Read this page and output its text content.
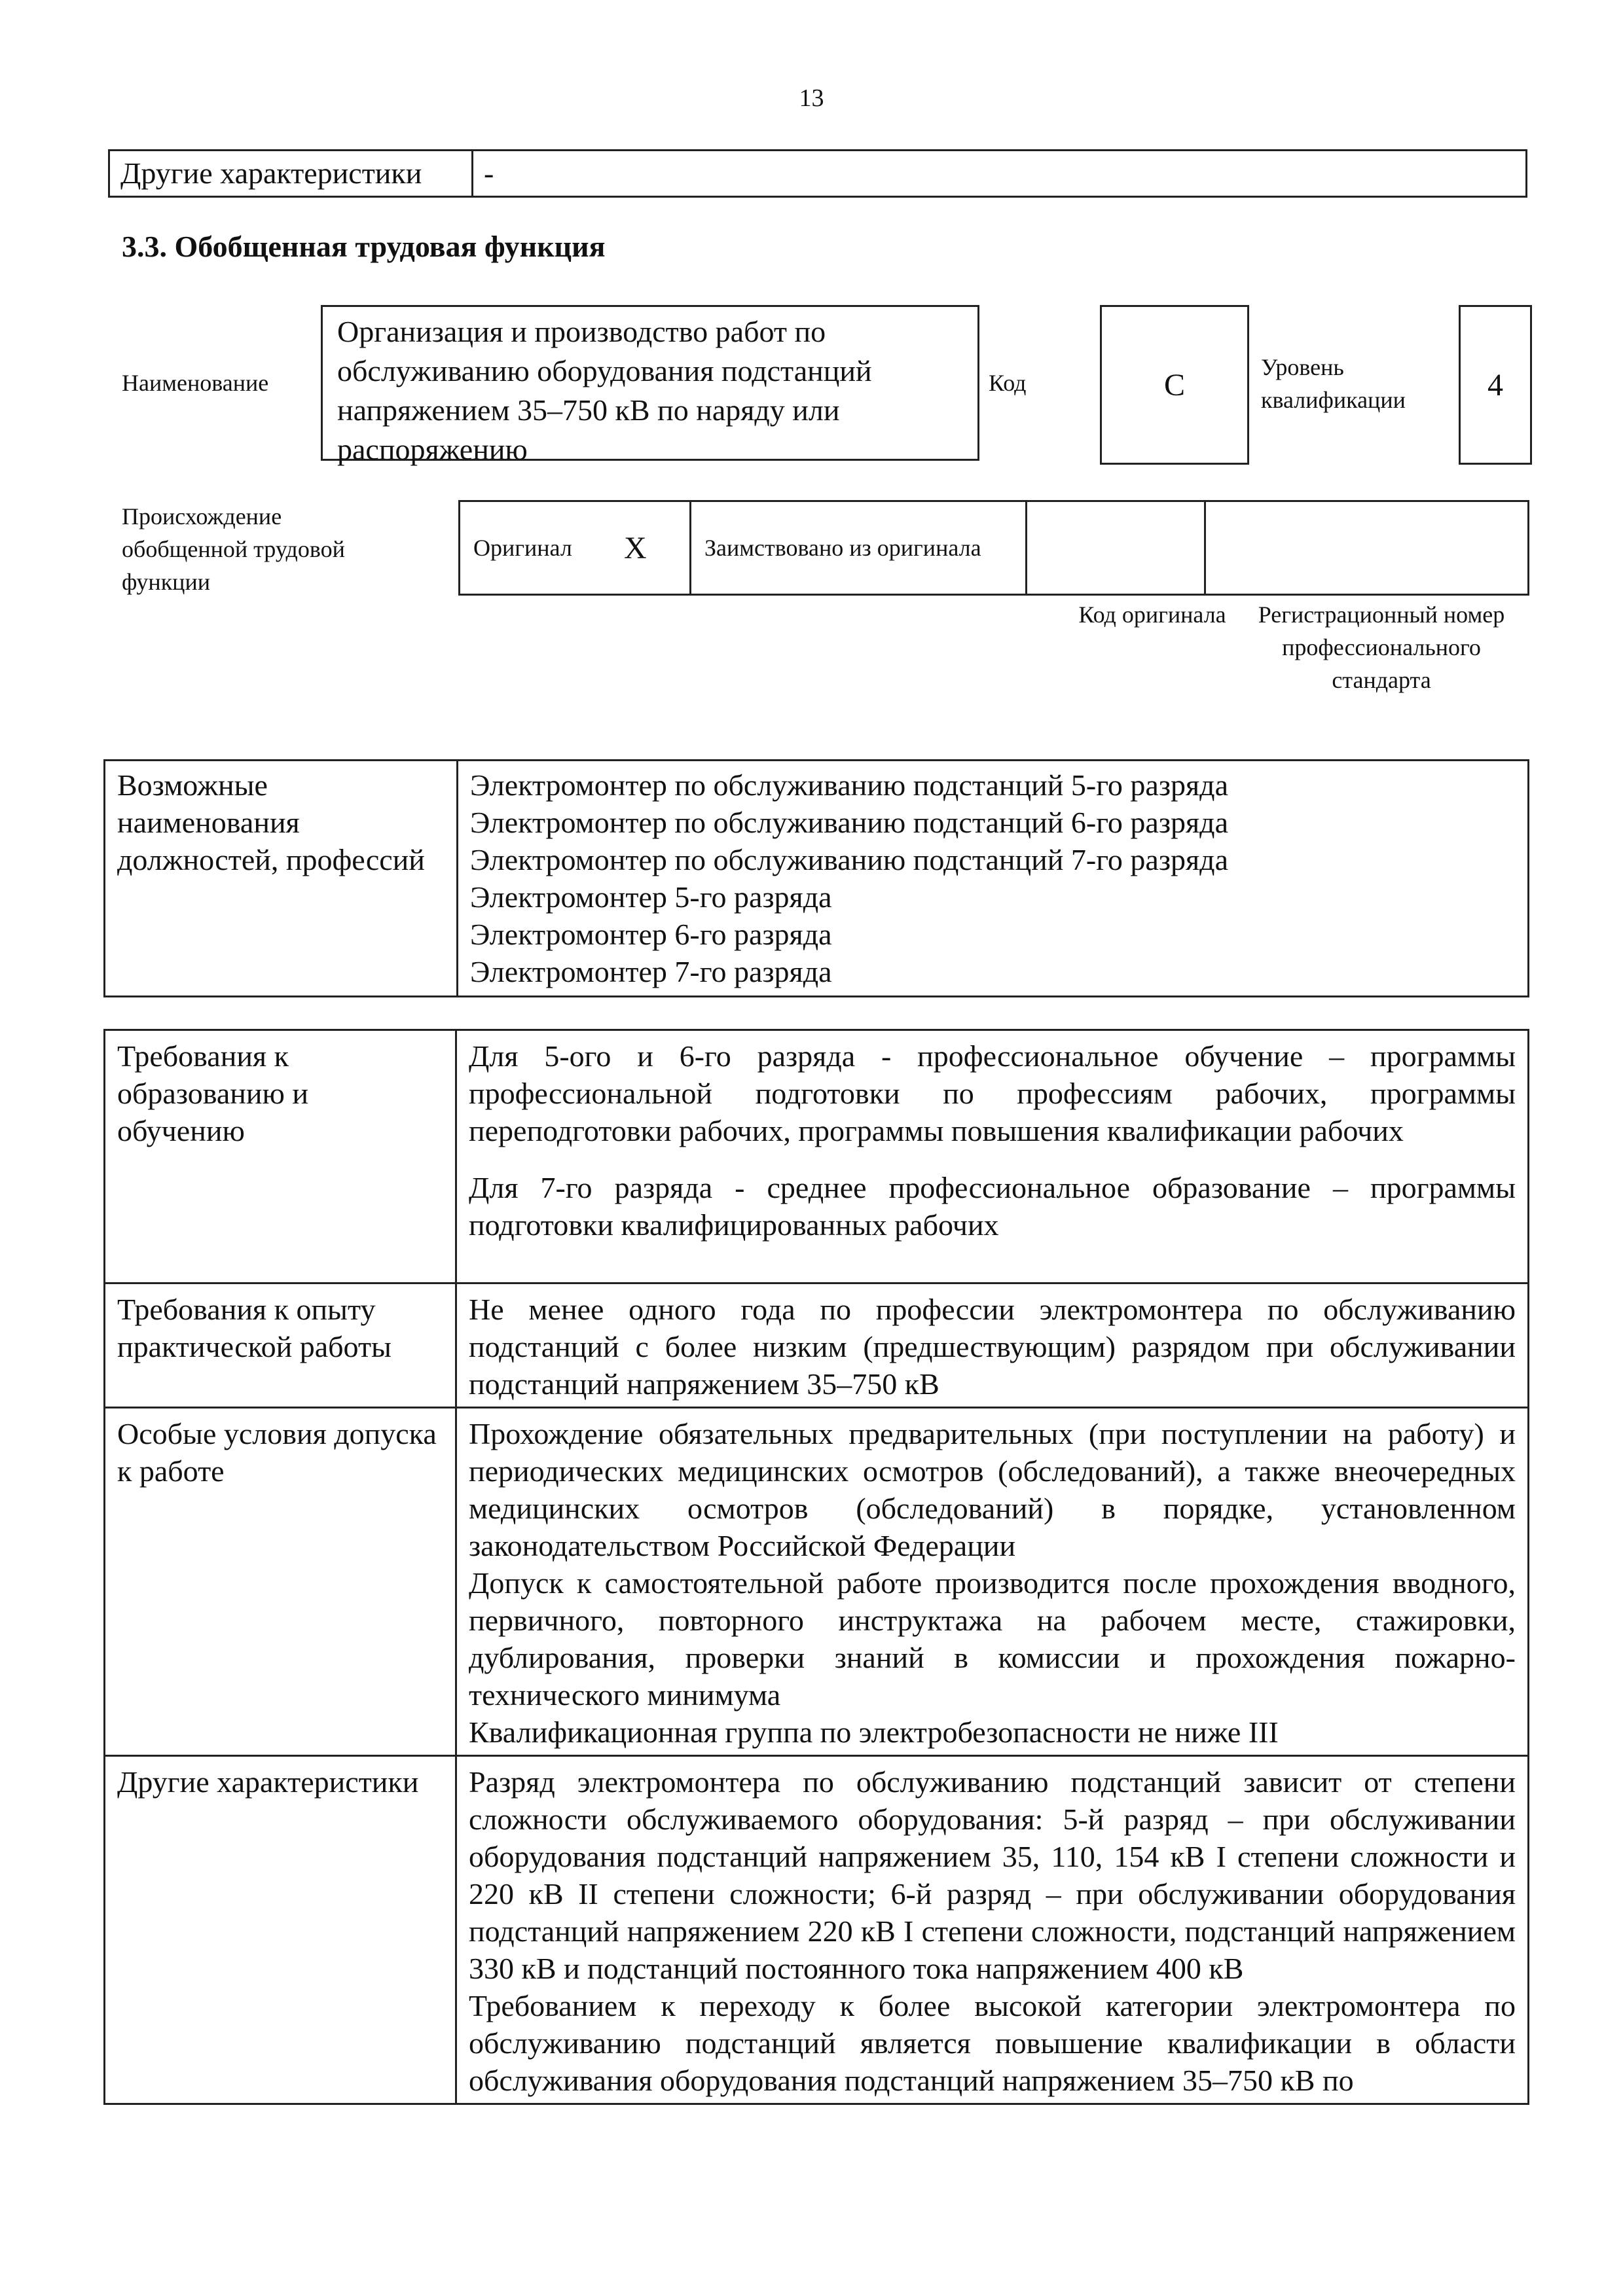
13
Другие характеристики	-
3.3. Обобщенная трудовая функция
Наименование
Организация и производство работ по обслуживанию оборудования подстанций напряжением 35–750 кВ по наряду или распоряжению
Код	С
Уровень квалификации	4
Происхождение обобщенной трудовой функции
Оригинал	Х	Заимствовано из оригинала		
Код оригинала	Регистрационный номер профессионального стандарта
Возможные наименования должностей, профессий	
Электромонтер по обслуживанию подстанций 5-го разряда
Электромонтер по обслуживанию подстанций 6-го разряда
Электромонтер по обслуживанию подстанций 7-го разряда
Электромонтер 5-го разряда
Электромонтер 6-го разряда
Электромонтер 7-го разряда
Требования к образованию и обучению	Для 5-ого и 6-го разряда - профессиональное обучение – программы профессиональной подготовки по профессиям рабочих, программы переподготовки рабочих, программы повышения квалификации рабочих

Для 7-го разряда - среднее профессиональное образование – программы подготовки квалифицированных рабочих

Требования к опыту практической работы	Не менее одного года по профессии электромонтера по обслуживанию подстанций с более низким (предшествующим) разрядом при обслуживании подстанций напряжением 35–750 кВ

Особые условия допуска к работе	Прохождение обязательных предварительных (при поступлении на работу) и периодических медицинских осмотров (обследований), а также внеочередных медицинских осмотров (обследований) в порядке, установленном законодательством Российской Федерации

Допуск к самостоятельной работе производится после прохождения вводного, первичного, повторного инструктажа на рабочем месте, стажировки, дублирования, проверки знаний в комиссии и прохождения пожарно-технического минимума

Квалификационная группа по электробезопасности не ниже III

Другие характеристики	Разряд электромонтера по обслуживанию подстанций зависит от степени сложности обслуживаемого оборудования: 5-й разряд – при обслуживании оборудования подстанций напряжением 35, 110, 154 кВ I степени сложности и 220 кВ II степени сложности; 6-й разряд – при обслуживании оборудования подстанций напряжением 220 кВ I степени сложности, подстанций напряжением 330 кВ и подстанций постоянного тока напряжением 400 кВ

Требованием к переходу к более высокой категории электромонтера по обслуживанию подстанций является повышение квалификации в области обслуживания оборудования подстанций напряжением 35–750 кВ по
